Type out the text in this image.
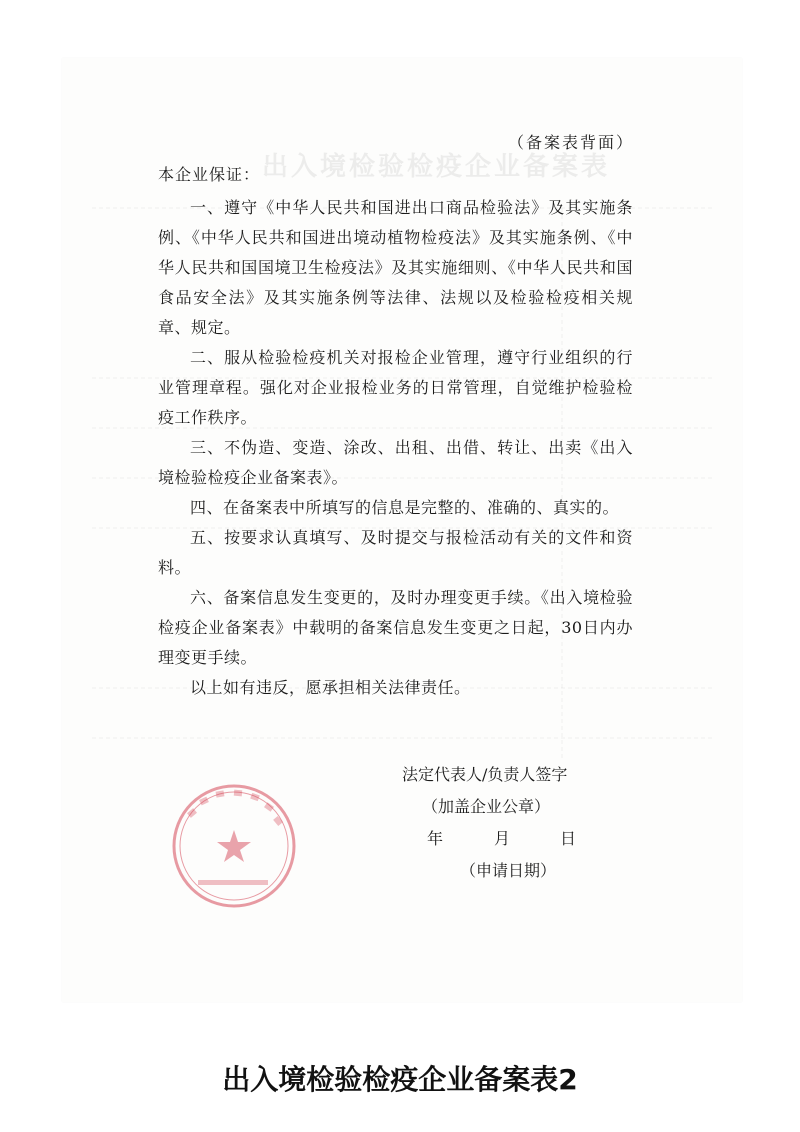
出入境检验检疫企业备案表
（备案表背面）
本企业保证：

一、遵守《中华人民共和国进出口商品检验法》及其实施条例、《中华人民共和国进出境动植物检疫法》及其实施条例、《中华人民共和国国境卫生检疫法》及其实施细则、《中华人民共和国食品安全法》及其实施条例等法律、法规以及检验检疫相关规章、规定。

二、服从检验检疫机关对报检企业管理，遵守行业组织的行业管理章程。强化对企业报检业务的日常管理，自觉维护检验检疫工作秩序。

三、不伪造、变造、涂改、出租、出借、转让、出卖《出入境检验检疫企业备案表》。

四、在备案表中所填写的信息是完整的、准确的、真实的。

五、按要求认真填写、及时提交与报检活动有关的文件和资料。

六、备案信息发生变更的，及时办理变更手续。《出入境检验检疫企业备案表》中载明的备案信息发生变更之日起，30日内办理变更手续。

以上如有违反，愿承担相关法律责任。

法定代表人/负责人签字
（加盖企业公章）
年	月	日
（申请日期）
出入境检验检疫企业备案表2
